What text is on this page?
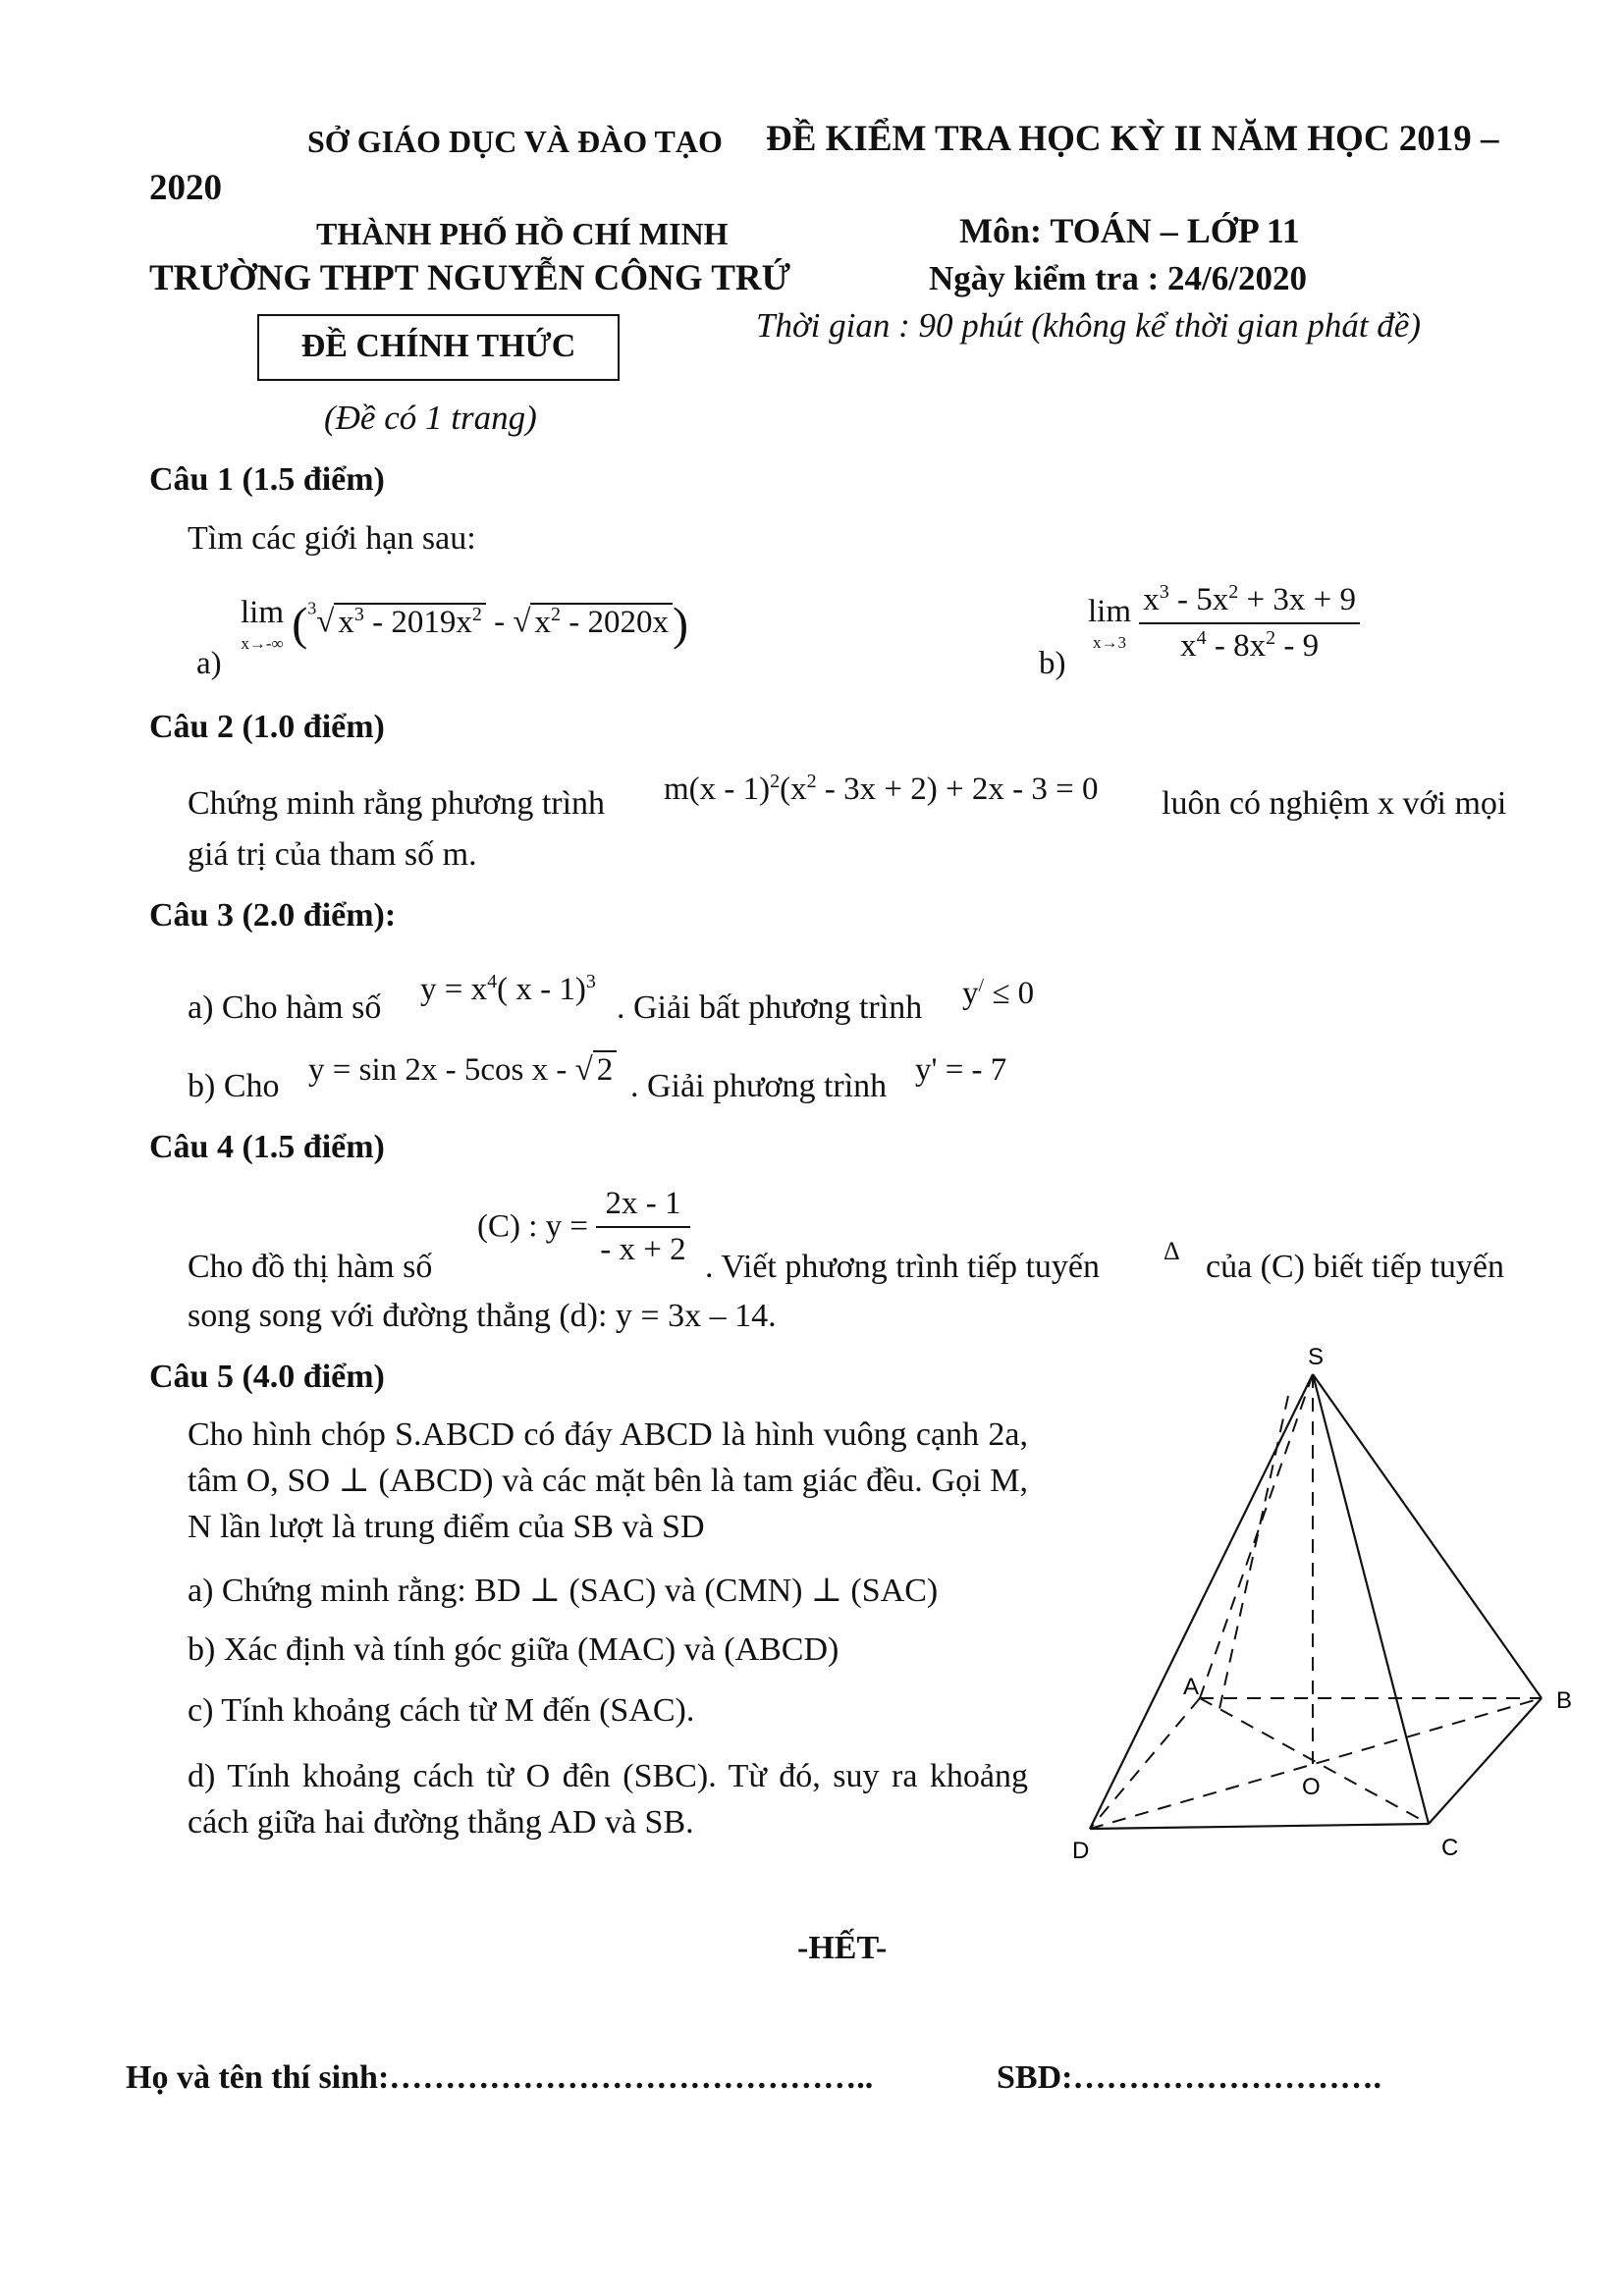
SỞ GIÁO DỤC VÀ ĐÀO TẠO ĐỀ KIỂM TRA HỌC KỲ II NĂM HỌC 2019 –
2020
THÀNH PHỐ HỒ CHÍ MINH	Môn: TOÁN – LỚP 11
TRƯỜNG THPT NGUYỄN CÔNG TRỨ	Ngày kiểm tra : 24/6/2020
ĐỀ CHÍNH THỨC
Thời gian : 90 phút (không kể thời gian phát đề)
(Đề có 1 trang)
Câu 1 (1.5 điểm)
Tìm các giới hạn sau:
a)
lim
x→-∞ ($^3$√ $x^3 - 2019x^2$ - √ $x^2 - 2020x$)
b)
lim
x→3
$\frac{x^3 - 5x^2 + 3x + 9}{x^4 - 8x^2 - 9}$
Câu 2 (1.0 điểm)
Chứng minh rằng phương trình $m(x - 1)^2(x^2 - 3x + 2) + 2x - 3 = 0$ luôn có nghiệm x với mọi
giá trị của tham số m.
Câu 3 (2.0 điểm):
a) Cho hàm số $y = x^4$( x - 1)$^3$
. Giải bất phương trình y/ ≤ 0
b) Cho y = sin 2x - 5cos x - √ 2 . Giải phương trình y' = - 7
Câu 4 (1.5 điểm)
Cho đồ thị hàm số
(C) : $y = \frac{2x - 1}{- x + 2}$ . Viết phương trình tiếp tuyến Δ của (C) biết tiếp tuyến
song song với đường thẳng (d): y = 3x – 14.
Câu 5 (4.0 điểm)
Cho hình chóp S.ABCD có đáy ABCD là hình vuông cạnh 2a, tâm O, SO ⊥ (ABCD) và các mặt bên là tam giác đều. Gọi M, N lần lượt là trung điểm của SB và SD
a) Chứng minh rằng: BD ⊥ (SAC) và (CMN) ⊥ (SAC)
b) Xác định và tính góc giữa (MAC) và (ABCD)
c) Tính khoảng cách từ M đến (SAC).
d) Tính khoảng cách từ O đên (SBC). Từ đó, suy ra khoảng cách giữa hai đường thẳng AD và SB.
S
A
B
C
D
O
-HẾT-
Họ và tên thí sinh:……………………………………..	SBD:……………………….
